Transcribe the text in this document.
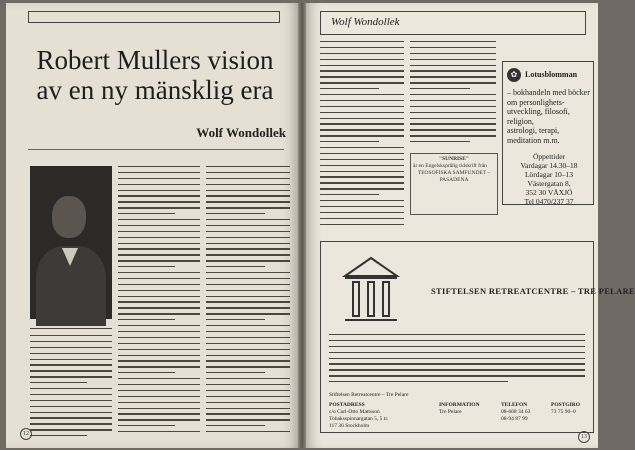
Robert Mullers vision
av en ny mänsklig era
Wolf Wondollek
12
Wolf Wondollek
✿ Lotusblomman
– bokhandeln med böcker om personlighets-
utveckling, filosofi, religion,
astrologi, terapi, meditation m.m.
Öppettider
Vardagar 14.30–18
Lördagar 10–13
Västergatan 8,
352 30 VÄXJÖ
Tel 0470/237 37
"SUNRISE"
är en Engelsksprålig tidskrift från
TEOSOFISKA SAMFUNDET –
PASADENA
STIFTELSEN RETREATCENTRE – TRE PELARE
Stiftelsen Retreatcentre – Tre Pelare
POSTADRESS
c/o Carl-Otto Mattsson
Tobaksspinnargatan 5, 5 tr.
117 36 Stockholm
INFORMATION
Tre Pelare
TELEFON
08-668 34 63
08-94 87 99
POSTGIRO
73 75 90–0
13
